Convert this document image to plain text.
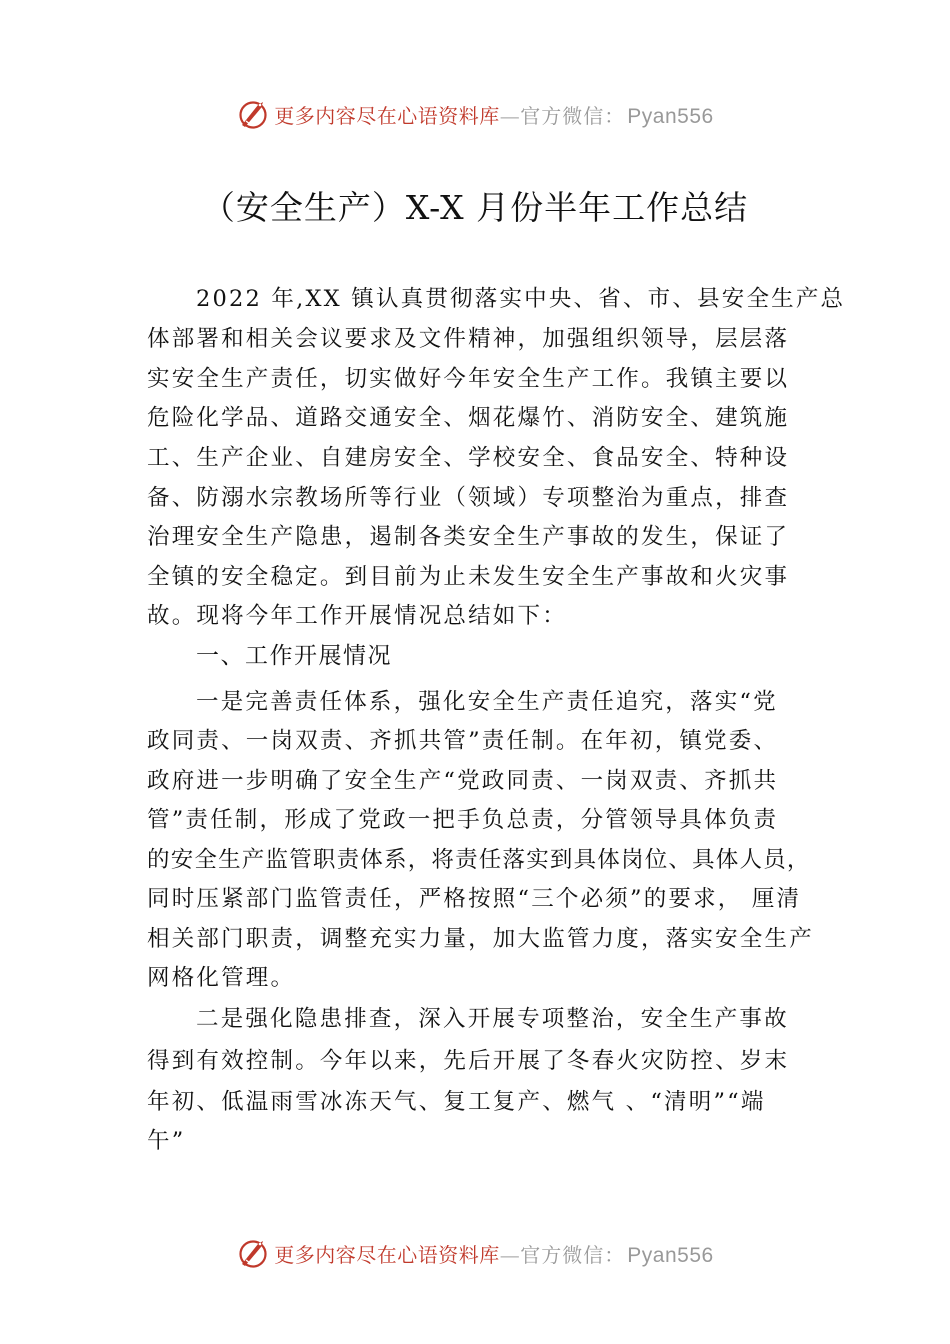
更多内容尽在心语资料库—官方微信：Pyan556
（安全生产）X-X 月份半年工作总结
2022 年,XX 镇认真贯彻落实中央、省、市、县安全生产总
体部署和相关会议要求及文件精神，加强组织领导，层层落
实安全生产责任，切实做好今年安全生产工作。我镇主要以
危险化学品、道路交通安全、烟花爆竹、消防安全、建筑施
工、生产企业、自建房安全、学校安全、食品安全、特种设
备、防溺水宗教场所等行业（领域）专项整治为重点，排查
治理安全生产隐患，遏制各类安全生产事故的发生，保证了
全镇的安全稳定。到目前为止未发生安全生产事故和火灾事
故。现将今年工作开展情况总结如下：
一、工作开展情况
一是完善责任体系，强化安全生产责任追究，落实“党
政同责、一岗双责、齐抓共管”责任制。在年初，镇党委、
政府进一步明确了安全生产“党政同责、一岗双责、齐抓共
管”责任制，形成了党政一把手负总责，分管领导具体负责
的安全生产监管职责体系，将责任落实到具体岗位、具体人员，
同时压紧部门监管责任，严格按照“三个必须”的要求， 厘清
相关部门职责，调整充实力量，加大监管力度，落实安全生产
网格化管理。
二是强化隐患排查，深入开展专项整治，安全生产事故
得到有效控制。今年以来，先后开展了冬春火灾防控、岁末
年初、低温雨雪冰冻天气、复工复产、燃气 、“清明”“端
午”
更多内容尽在心语资料库—官方微信：Pyan556
